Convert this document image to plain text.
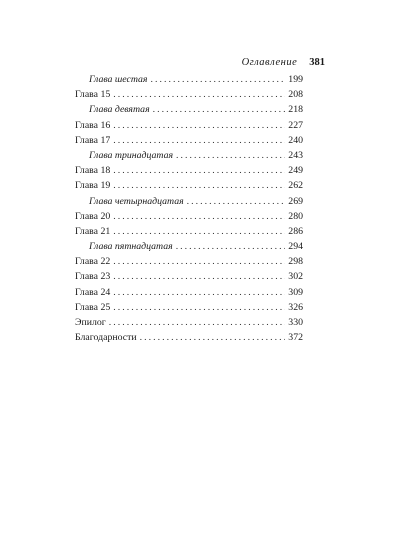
Оглавление 381
Глава шестая . . .	199
Глава 15 . . .	208
Глава девятая . . .	218
Глава 16 . . .	227
Глава 17 . . .	240
Глава тринадцатая . . .	243
Глава 18 . . .	249
Глава 19 . . .	262
Глава четырнадцатая . . .	269
Глава 20 . . .	280
Глава 21 . . .	286
Глава пятнадцатая . . .	294
Глава 22 . . .	298
Глава 23 . . .	302
Глава 24 . . .	309
Глава 25 . . .	326
Эпилог . . .	330
Благодарности . . .	372
